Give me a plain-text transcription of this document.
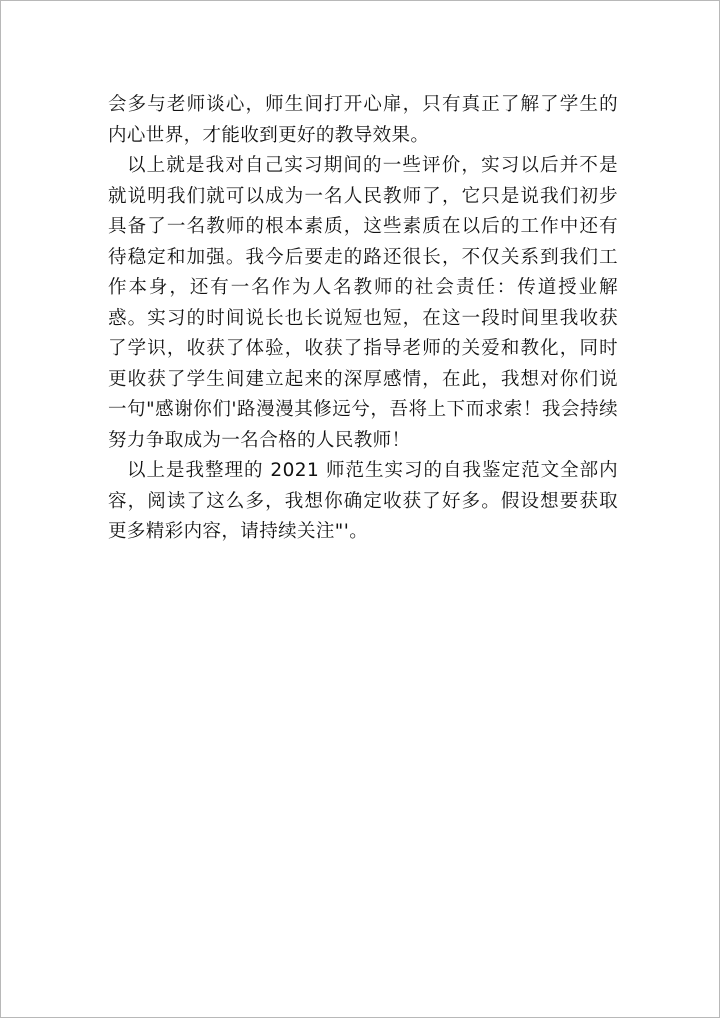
会多与老师谈心，师生间打开心扉，只有真正了解了学生的内心世界，才能收到更好的教导效果。

以上就是我对自己实习期间的一些评价，实习以后并不是就说明我们就可以成为一名人民教师了，它只是说我们初步具备了一名教师的根本素质，这些素质在以后的工作中还有待稳定和加强。我今后要走的路还很长，不仅关系到我们工作本身，还有一名作为人名教师的社会责任：传道授业解惑。实习的时间说长也长说短也短，在这一段时间里我收获了学识，收获了体验，收获了指导老师的关爱和教化，同时更收获了学生间建立起来的深厚感情，在此，我想对你们说一句"感谢你们'路漫漫其修远兮，吾将上下而求索！我会持续努力争取成为一名合格的人民教师！

以上是我整理的 2021 师范生实习的自我鉴定范文全部内容，阅读了这么多，我想你确定收获了好多。假设想要获取更多精彩内容，请持续关注"'。
